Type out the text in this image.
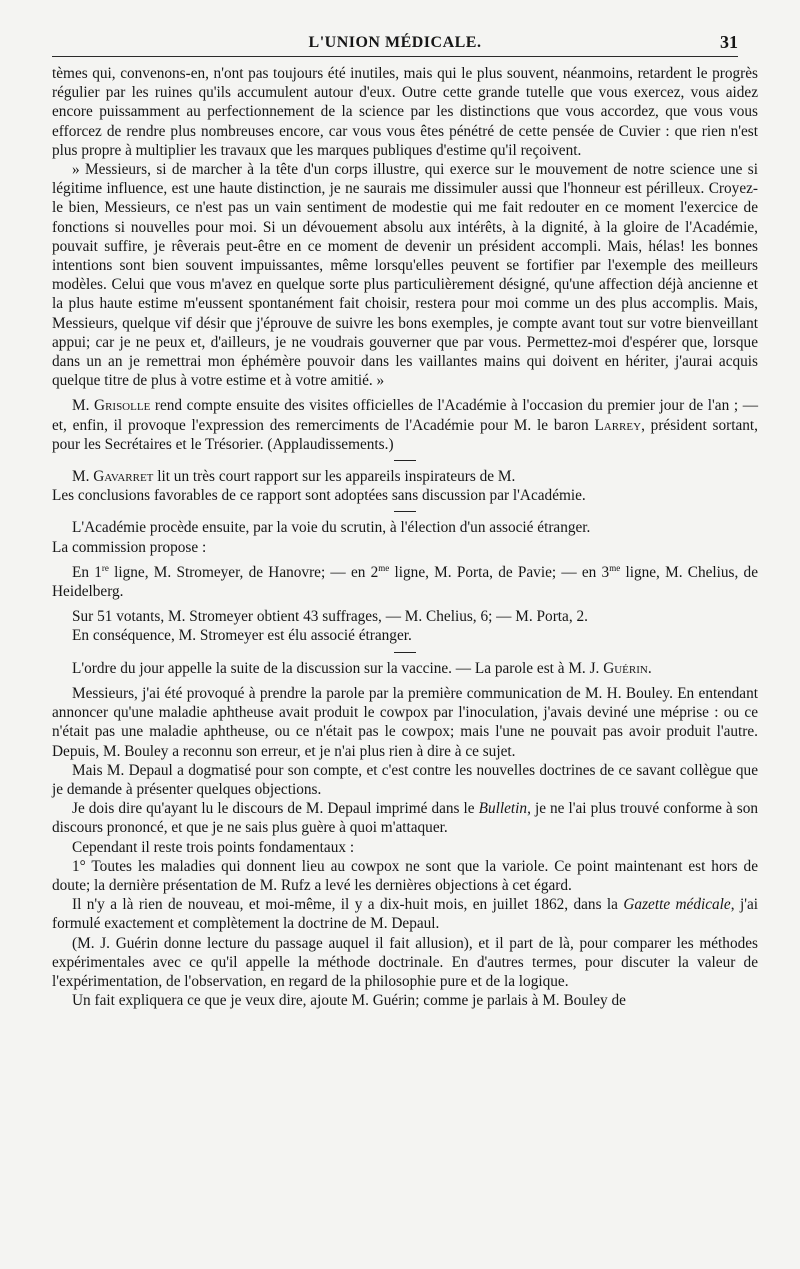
L'UNION MÉDICALE.	31

tèmes qui, convenons-en, n'ont pas toujours été inutiles, mais qui le plus souvent, néanmoins, retardent le progrès régulier par les ruines qu'ils accumulent autour d'eux. Outre cette grande tutelle que vous exercez, vous aidez encore puissamment au perfectionnement de la science par les distinctions que vous accordez, que vous vous efforcez de rendre plus nombreuses encore, car vous vous êtes pénétré de cette pensée de Cuvier : que rien n'est plus propre à multiplier les travaux que les marques publiques d'estime qu'il reçoivent.

» Messieurs, si de marcher à la tête d'un corps illustre, qui exerce sur le mouvement de notre science une si légitime influence, est une haute distinction, je ne saurais me dissimuler aussi que l'honneur est périlleux. Croyez-le bien, Messieurs, ce n'est pas un vain sentiment de modestie qui me fait redouter en ce moment l'exercice de fonctions si nouvelles pour moi. Si un dévouement absolu aux intérêts, à la dignité, à la gloire de l'Académie, pouvait suffire, je rêverais peut-être en ce moment de devenir un président accompli. Mais, hélas! les bonnes intentions sont bien souvent impuissantes, même lorsqu'elles peuvent se fortifier par l'exemple des meilleurs modèles. Celui que vous m'avez en quelque sorte plus particulièrement désigné, qu'une affection déjà ancienne et la plus haute estime m'eussent spontanément fait choisir, restera pour moi comme un des plus accomplis. Mais, Messieurs, quelque vif désir que j'éprouve de suivre les bons exemples, je compte avant tout sur votre bienveillant appui; car je ne peux et, d'ailleurs, je ne voudrais gouverner que par vous. Permettez-moi d'espérer que, lorsque dans un an je remettrai mon éphémère pouvoir dans les vaillantes mains qui doivent en hériter, j'aurai acquis quelque titre de plus à votre estime et à votre amitié. »

M. Grisolle rend compte ensuite des visites officielles de l'Académie à l'occasion du premier jour de l'an ; — et, enfin, il provoque l'expression des remerciments de l'Académie pour M. le baron Larrey, président sortant, pour les Secrétaires et le Trésorier. (Applaudissements.)

M. Gavarret lit un très court rapport sur les appareils inspirateurs de M.

Les conclusions favorables de ce rapport sont adoptées sans discussion par l'Académie.

L'Académie procède ensuite, par la voie du scrutin, à l'élection d'un associé étranger.

La commission propose :

En 1re ligne, M. Stromeyer, de Hanovre; — en $2^{me}$ ligne, M. Porta, de Pavie; — en $3^{me}$ ligne, M. Chelius, de Heidelberg.

Sur 51 votants, M. Stromeyer obtient 43 suffrages, — M. Chelius, 6; — M. Porta, 2.

En conséquence, M. Stromeyer est élu associé étranger.

L'ordre du jour appelle la suite de la discussion sur la vaccine. — La parole est à M. J. Guérin.

Messieurs, j'ai été provoqué à prendre la parole par la première communication de M. H. Bouley. En entendant annoncer qu'une maladie aphtheuse avait produit le cowpox par l'inoculation, j'avais deviné une méprise : ou ce n'était pas une maladie aphtheuse, ou ce n'était pas le cowpox; mais l'une ne pouvait pas avoir produit l'autre. Depuis, M. Bouley a reconnu son erreur, et je n'ai plus rien à dire à ce sujet.

Mais M. Depaul a dogmatisé pour son compte, et c'est contre les nouvelles doctrines de ce savant collègue que je demande à présenter quelques objections.

Je dois dire qu'ayant lu le discours de M. Depaul imprimé dans le Bulletin, je ne l'ai plus trouvé conforme à son discours prononcé, et que je ne sais plus guère à quoi m'attaquer.

Cependant il reste trois points fondamentaux :

1° Toutes les maladies qui donnent lieu au cowpox ne sont que la variole. Ce point maintenant est hors de doute; la dernière présentation de M. Rufz a levé les dernières objections à cet égard.

Il n'y a là rien de nouveau, et moi-même, il y a dix-huit mois, en juillet 1862, dans la Gazette médicale, j'ai formulé exactement et complètement la doctrine de M. Depaul.

(M. J. Guérin donne lecture du passage auquel il fait allusion), et il part de là, pour comparer les méthodes expérimentales avec ce qu'il appelle la méthode doctrinale. En d'autres termes, pour discuter la valeur de l'expérimentation, de l'observation, en regard de la philosophie pure et de la logique.

Un fait expliquera ce que je veux dire, ajoute M. Guérin; comme je parlais à M. Bouley de
